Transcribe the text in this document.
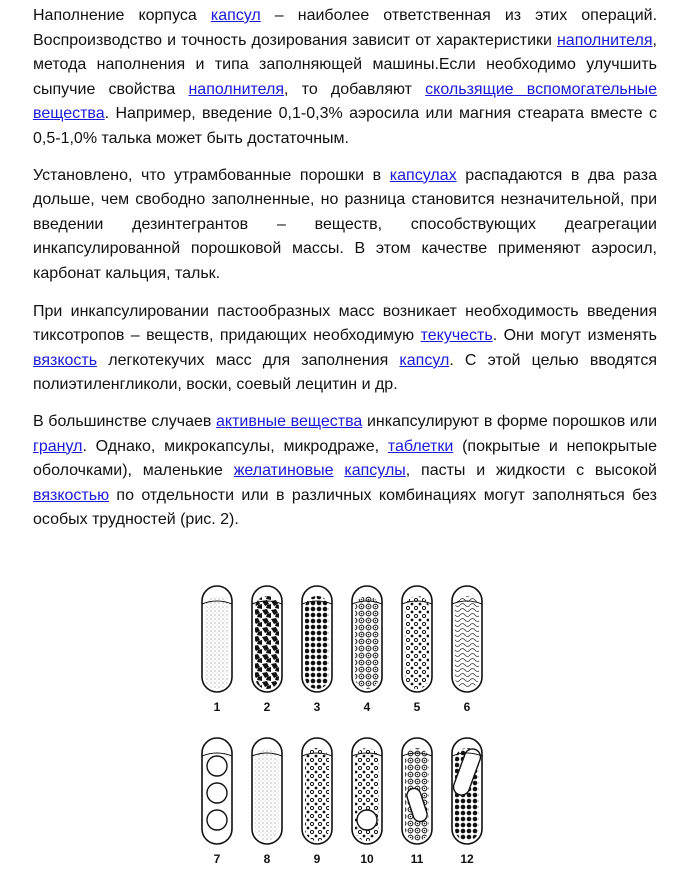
Наполнение корпуса капсул – наиболее ответственная из этих операций. Воспроизводство и точность дозирования зависит от характеристики наполнителя, метода наполнения и типа заполняющей машины.Если необходимо улучшить сыпучие свойства наполнителя, то добавляют скользящие вспомогательные вещества. Например, введение 0,1-0,3% аэросила или магния стеарата вместе с 0,5-1,0% талька может быть достаточным.

Установлено, что утрамбованные порошки в капсулах распадаются в два раза дольше, чем свободно заполненные, но разница становится незначительной, при введении дезинтегрантов – веществ, способствующих деагрегации инкапсулированной порошковой массы. В этом качестве применяют аэросил, карбонат кальция, тальк.

При инкапсулировании пастообразных масс возникает необходимость введения тиксотропов – веществ, придающих необходимую текучесть. Они могут изменять вязкость легкотекучих масс для заполнения капсул. С этой целью вводятся полиэтиленгликоли, воски, соевый лецитин и др.

В большинстве случаев активные вещества инкапсулируют в форме порошков или гранул. Однако, микрокапсулы, микродраже, таблетки (покрытые и непокрытые оболочками), маленькие желатиновые капсулы, пасты и жидкости с высокой вязкостью по отдельности или в различных комбинациях могут заполняться без особых трудностей (рис. 2).

1	2	3	4	5	6
7	8	9	10	11	12
